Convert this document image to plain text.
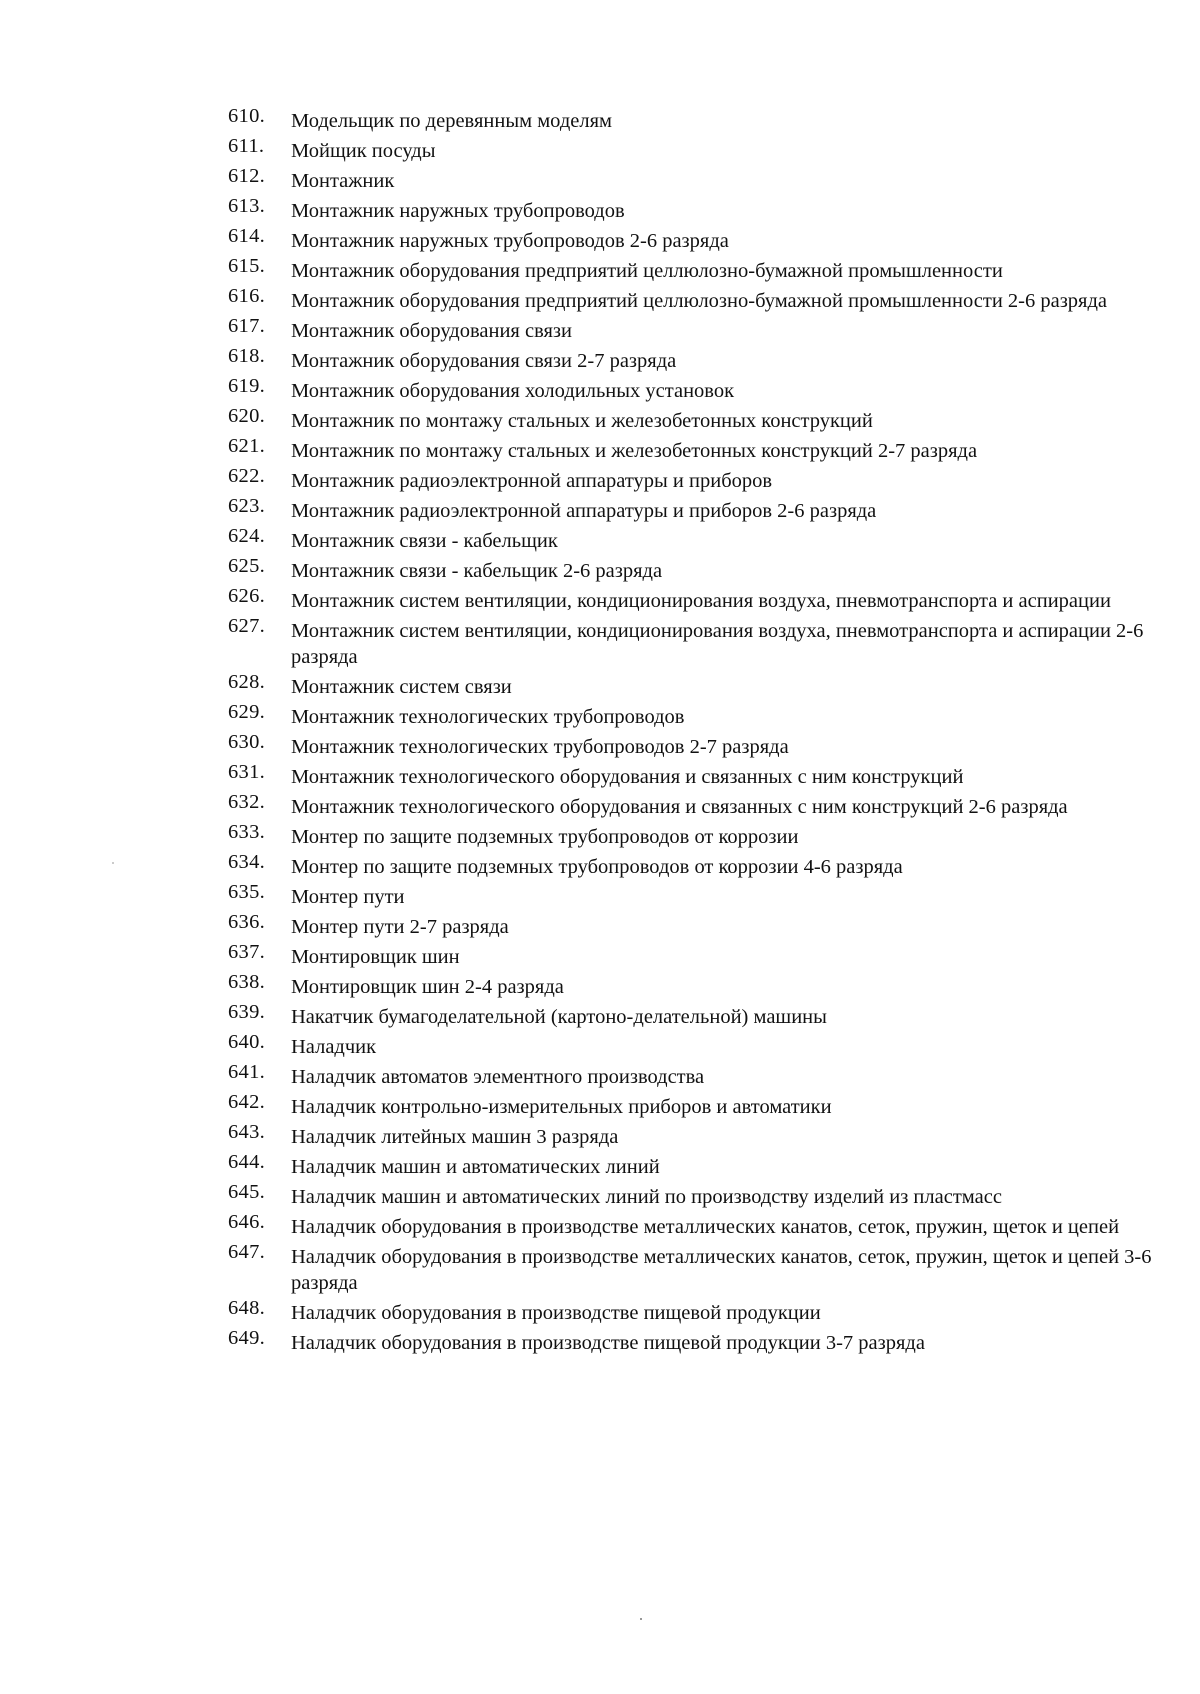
610.	Модельщик по деревянным моделям
611.	Мойщик посуды
612.	Монтажник
613.	Монтажник наружных трубопроводов
614.	Монтажник наружных трубопроводов 2-6 разряда
615.	Монтажник оборудования предприятий целлюлозно-бумажной промышленности
616.	Монтажник оборудования предприятий целлюлозно-бумажной промышленности 2-6 разряда
617.	Монтажник оборудования связи
618.	Монтажник оборудования связи 2-7 разряда
619.	Монтажник оборудования холодильных установок
620.	Монтажник по монтажу стальных и железобетонных конструкций
621.	Монтажник по монтажу стальных и железобетонных конструкций 2-7 разряда
622.	Монтажник радиоэлектронной аппаратуры и приборов
623.	Монтажник радиоэлектронной аппаратуры и приборов 2-6 разряда
624.	Монтажник связи - кабельщик
625.	Монтажник связи - кабельщик 2-6 разряда
626.	Монтажник систем вентиляции, кондиционирования воздуха, пневмотранспорта и аспирации
627.	Монтажник систем вентиляции, кондиционирования воздуха, пневмотранспорта и аспирации 2-6 разряда
628.	Монтажник систем связи
629.	Монтажник технологических трубопроводов
630.	Монтажник технологических трубопроводов 2-7 разряда
631.	Монтажник технологического оборудования и связанных с ним конструкций
632.	Монтажник технологического оборудования и связанных с ним конструкций 2-6 разряда
633.	Монтер по защите подземных трубопроводов от коррозии
634.	Монтер по защите подземных трубопроводов от коррозии 4-6 разряда
635.	Монтер пути
636.	Монтер пути 2-7 разряда
637.	Монтировщик шин
638.	Монтировщик шин 2-4 разряда
639.	Накатчик бумагоделательной (картоно-делательной) машины
640.	Наладчик
641.	Наладчик автоматов элементного производства
642.	Наладчик контрольно-измерительных приборов и автоматики
643.	Наладчик литейных машин 3 разряда
644.	Наладчик машин и автоматических линий
645.	Наладчик машин и автоматических линий по производству изделий из пластмасс
646.	Наладчик оборудования в производстве металлических канатов, сеток, пружин, щеток и цепей
647.	Наладчик оборудования в производстве металлических канатов, сеток, пружин, щеток и цепей 3-6 разряда
648.	Наладчик оборудования в производстве пищевой продукции
649.	Наладчик оборудования в производстве пищевой продукции 3-7 разряда
